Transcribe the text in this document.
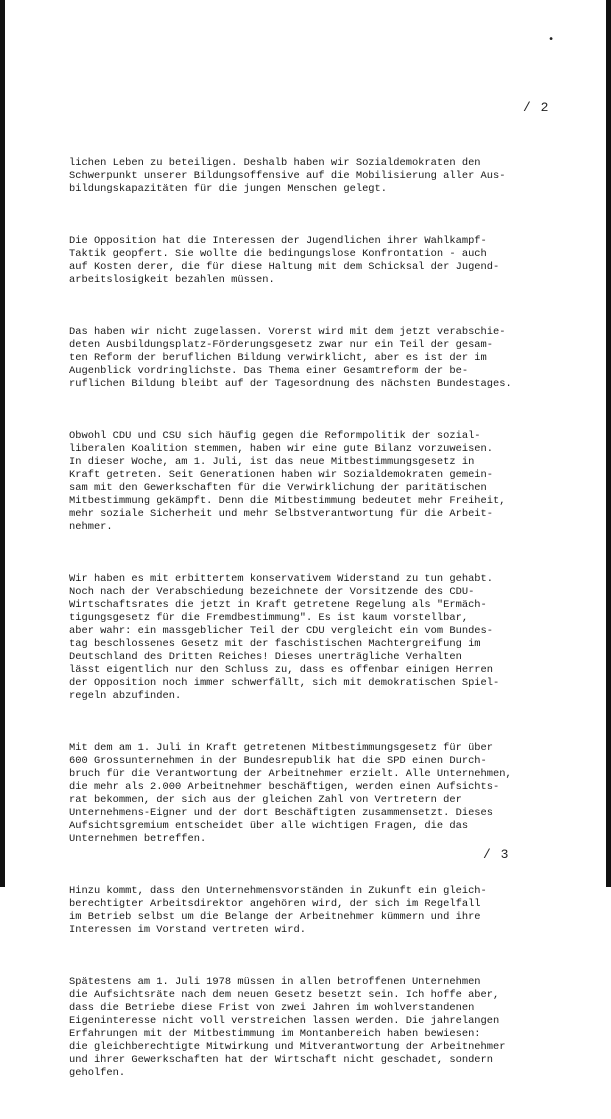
•
/ 2

lichen Leben zu beteiligen. Deshalb haben wir Sozialdemokraten den
Schwerpunkt unserer Bildungsoffensive auf die Mobilisierung aller Aus-
bildungskapazitäten für die jungen Menschen gelegt.

Die Opposition hat die Interessen der Jugendlichen ihrer Wahlkampf-
Taktik geopfert. Sie wollte die bedingungslose Konfrontation - auch
auf Kosten derer, die für diese Haltung mit dem Schicksal der Jugend-
arbeitslosigkeit bezahlen müssen.

Das haben wir nicht zugelassen. Vorerst wird mit dem jetzt verabschie-
deten Ausbildungsplatz-Förderungsgesetz zwar nur ein Teil der gesam-
ten Reform der beruflichen Bildung verwirklicht, aber es ist der im
Augenblick vordringlichste. Das Thema einer Gesamtreform der be-
ruflichen Bildung bleibt auf der Tagesordnung des nächsten Bundestages.

Obwohl CDU und CSU sich häufig gegen die Reformpolitik der sozial-
liberalen Koalition stemmen, haben wir eine gute Bilanz vorzuweisen.
In dieser Woche, am 1. Juli, ist das neue Mitbestimmungsgesetz in
Kraft getreten. Seit Generationen haben wir Sozialdemokraten gemein-
sam mit den Gewerkschaften für die Verwirklichung der paritätischen
Mitbestimmung gekämpft. Denn die Mitbestimmung bedeutet mehr Freiheit,
mehr soziale Sicherheit und mehr Selbstverantwortung für die Arbeit-
nehmer.

Wir haben es mit erbittertem konservativem Widerstand zu tun gehabt.
Noch nach der Verabschiedung bezeichnete der Vorsitzende des CDU-
Wirtschaftsrates die jetzt in Kraft getretene Regelung als "Ermäch-
tigungsgesetz für die Fremdbestimmung". Es ist kaum vorstellbar,
aber wahr: ein massgeblicher Teil der CDU vergleicht ein vom Bundes-
tag beschlossenes Gesetz mit der faschistischen Machtergreifung im
Deutschland des Dritten Reiches! Dieses unerträgliche Verhalten
lässt eigentlich nur den Schluss zu, dass es offenbar einigen Herren
der Opposition noch immer schwerfällt, sich mit demokratischen Spiel-
regeln abzufinden.

Mit dem am 1. Juli in Kraft getretenen Mitbestimmungsgesetz für über
600 Grossunternehmen in der Bundesrepublik hat die SPD einen Durch-
bruch für die Verantwortung der Arbeitnehmer erzielt. Alle Unternehmen,
die mehr als 2.000 Arbeitnehmer beschäftigen, werden einen Aufsichts-
rat bekommen, der sich aus der gleichen Zahl von Vertretern der
Unternehmens-Eigner und der dort Beschäftigten zusammensetzt. Dieses
Aufsichtsgremium entscheidet über alle wichtigen Fragen, die das
Unternehmen betreffen.

Hinzu kommt, dass den Unternehmensvorständen in Zukunft ein gleich-
berechtigter Arbeitsdirektor angehören wird, der sich im Regelfall
im Betrieb selbst um die Belange der Arbeitnehmer kümmern und ihre
Interessen im Vorstand vertreten wird.

Spätestens am 1. Juli 1978 müssen in allen betroffenen Unternehmen
die Aufsichtsräte nach dem neuen Gesetz besetzt sein. Ich hoffe aber,
dass die Betriebe diese Frist von zwei Jahren im wohlverstandenen
Eigeninteresse nicht voll verstreichen lassen werden. Die jahrelangen
Erfahrungen mit der Mitbestimmung im Montanbereich haben bewiesen:
die gleichberechtigte Mitwirkung und Mitverantwortung der Arbeitnehmer
und ihrer Gewerkschaften hat der Wirtschaft nicht geschadet, sondern
geholfen.

/ 3
